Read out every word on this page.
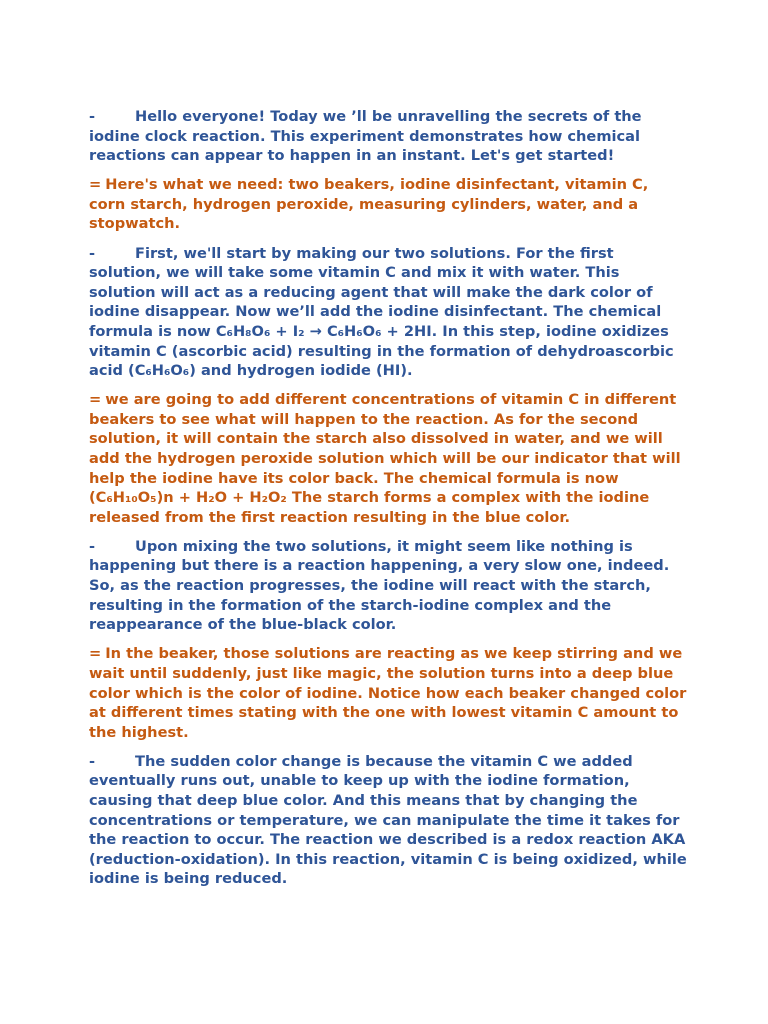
-	Hello everyone! Today we ’ll be unravelling the secrets of the iodine clock reaction. This experiment demonstrates how chemical reactions can appear to happen in an instant. Let's get started!

= Here's what we need: two beakers, iodine disinfectant, vitamin C, corn starch, hydrogen peroxide, measuring cylinders, water, and a stopwatch.

-	First, we'll start by making our two solutions. For the first solution, we will take some vitamin C and mix it with water. This solution will act as a reducing agent that will make the dark color of iodine disappear. Now we’ll add the iodine disinfectant. The chemical formula is now C₆H₈O₆ + I₂ → C₆H₆O₆ + 2HI. In this step, iodine oxidizes vitamin C (ascorbic acid) resulting in the formation of dehydroascorbic acid (C₆H₆O₆) and hydrogen iodide (HI).

= we are going to add different concentrations of vitamin C in different beakers to see what will happen to the reaction. As for the second solution, it will contain the starch also dissolved in water, and we will add the hydrogen peroxide solution which will be our indicator that will help the iodine have its color back. The chemical formula is now (C₆H₁₀O₅)n + H₂O + H₂O₂ The starch forms a complex with the iodine released from the first reaction resulting in the blue color.

-	Upon mixing the two solutions, it might seem like nothing is happening but there is a reaction happening, a very slow one, indeed. So, as the reaction progresses, the iodine will react with the starch, resulting in the formation of the starch-iodine complex and the reappearance of the blue-black color.

= In the beaker, those solutions are reacting as we keep stirring and we wait until suddenly, just like magic, the solution turns into a deep blue color which is the color of iodine. Notice how each beaker changed color at different times stating with the one with lowest vitamin C amount to the highest.

-	The sudden color change is because the vitamin C we added eventually runs out, unable to keep up with the iodine formation, causing that deep blue color. And this means that by changing the concentrations or temperature, we can manipulate the time it takes for the reaction to occur. The reaction we described is a redox reaction AKA (reduction-oxidation). In this reaction, vitamin C is being oxidized, while iodine is being reduced.
